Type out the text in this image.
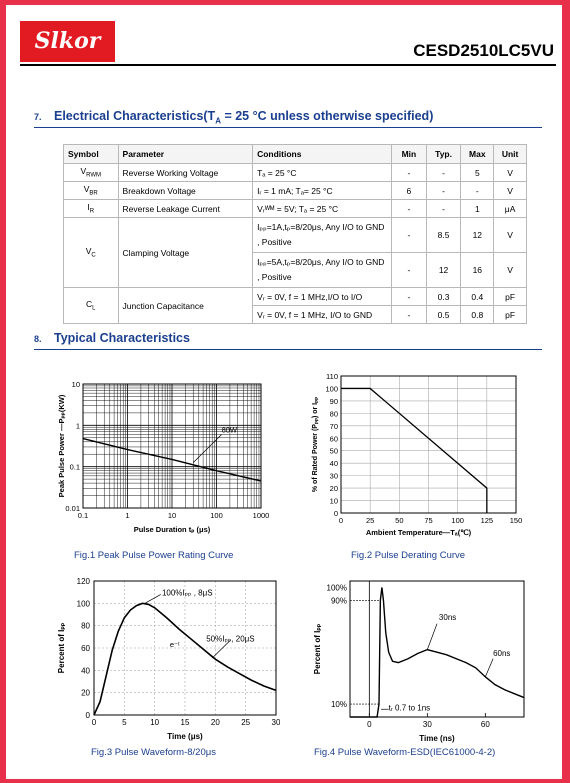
Slkor	CESD2510LC5VU
7. Electrical $Characteristics(T_A = 25$ °C unless otherwise specified)
Symbol	Parameter	Conditions	Min	Typ.	Max	Unit
$V_{RWM}$	Reverse Working Voltage	Tₐ = 25 °C	-	-	5	V
$V_{BR}$	Breakdown Voltage	Iᵣ = 1 mA; Tₐ= 25 °C	6	-	-	V
$I_R$	Reverse Leakage Current	Vᵣᵂᴹ = 5V; Tₐ = 25 °C	-	-	1	μA
$V_C$	Clamping Voltage	Iₚₚ=1A,tₚ=8/20μs, Any I/O to GND , Positive	-	8.5	12	V
		Iₚₚ=5A,tₚ=8/20μs, Any I/O to GND , Positive	-	12	16	V
$C_L$	Junction Capacitance	Vᵣ = 0V, f = 1 MHz,I/O to I/O	-	0.3	0.4	pF
		Vᵣ = 0V, f = 1 MHz, I/O to GND	-	0.5	0.8	pF
8. Typical Characteristics
0.1	1	10	100	1000
0.01
0.1
1
10
80W
Pulse Duration tₚ (μs)
Peak Pulse Power —Pₚₚ(KW)
Fig.1 Peak Pulse Power Rating Curve
0	25	50	75 100 125 150
0
10
20
30
40
50
60
70
80
90
100
110
Ambient Temperature—Tₐ(℃)
% of Rated Power (Pₚₚ) or Iₚₚ
Fig.2 Pulse Derating Curve
0	5	10	15	20	25	30
0
20
40
60
80
100
120
100%Iₚₚ , 8μS
50%Iₚₚ, 20μS
e⁻ᵗ
Time (μs)
Percent of Iₚₚ
Fig.3 Pulse Waveform-8/20μs
100%
90%
10%
0	30	60
30ns
60ns
tᵣ 0.7 to 1ns
Time (ns)
Percent of Iₚₚ
Fig.4 Pulse Waveform-ESD(IEC61000-4-2)
